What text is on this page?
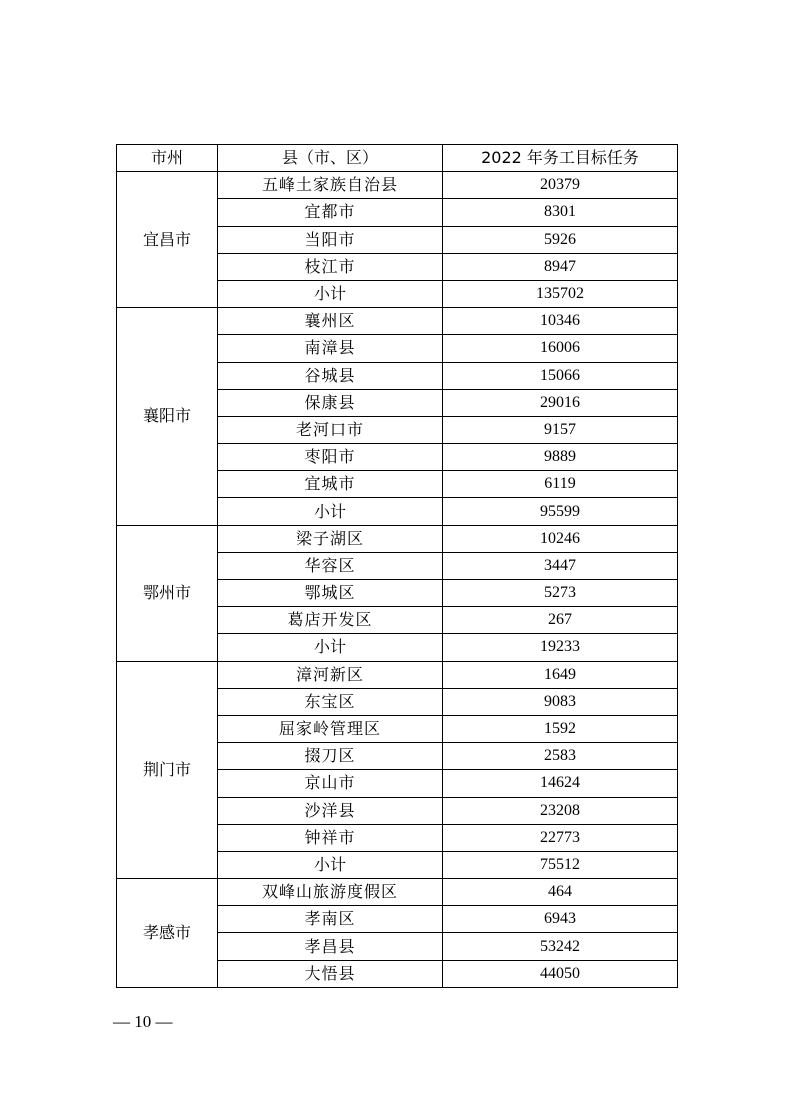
市州	县（市、区）	2022 年务工目标任务
宜昌市	五峰土家族自治县	20379
	宜都市	8301
	当阳市	5926
	枝江市	8947
	小计	135702
襄阳市	襄州区	10346
	南漳县	16006
	谷城县	15066
	保康县	29016
	老河口市	9157
	枣阳市	9889
	宜城市	6119
	小计	95599
鄂州市	梁子湖区	10246
	华容区	3447
	鄂城区	5273
	葛店开发区	267
	小计	19233
荆门市	漳河新区	1649
	东宝区	9083
	屈家岭管理区	1592
	掇刀区	2583
	京山市	14624
	沙洋县	23208
	钟祥市	22773
	小计	75512
孝感市	双峰山旅游度假区	464
	孝南区	6943
	孝昌县	53242
	大悟县	44050
— 10 —
